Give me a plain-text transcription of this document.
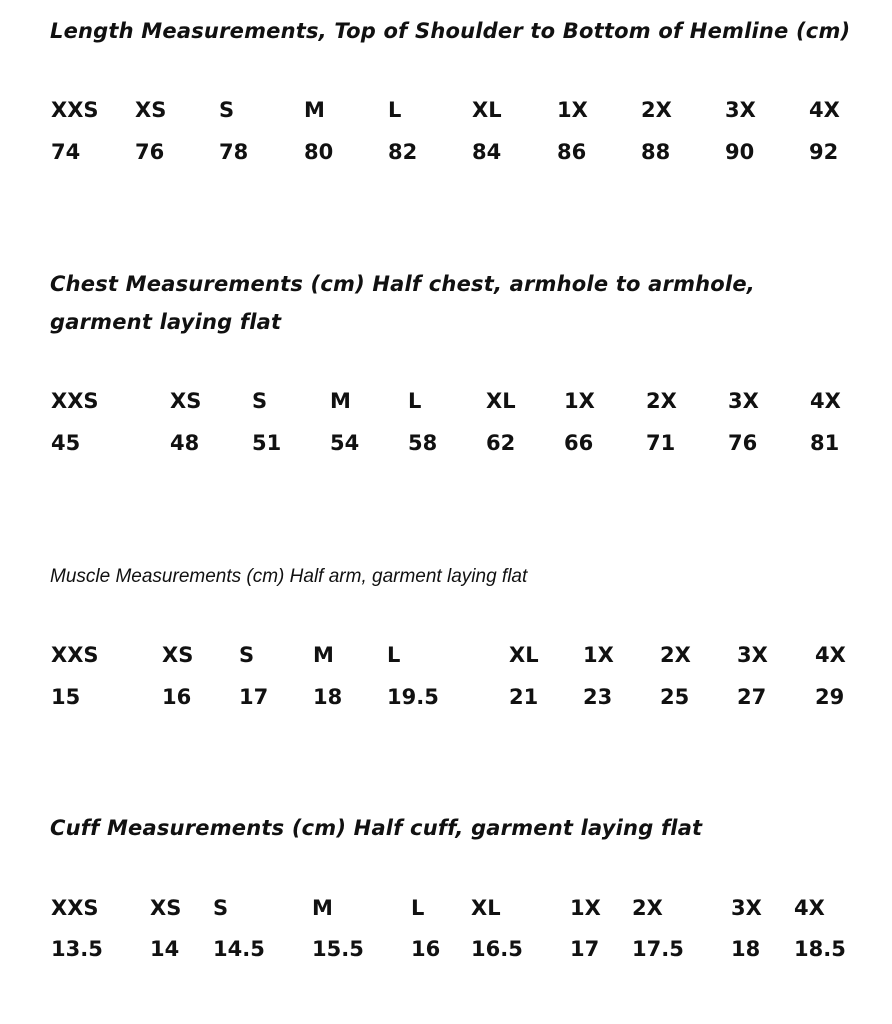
Length Measurements, Top of Shoulder to Bottom of Hemline (cm)
XXS XS	S	M	L	XL	1X	2X	3X	4X
74	76	78	80	82	84	86	88	90	92
Chest Measurements (cm) Half chest, armhole to armhole,
garment laying flat
XXS	XS S	M	L	XL 1X 2X 3X 4X
45	48	51 54 58 62 66	71	76	81
Muscle Measurements (cm) Half arm, garment laying flat
XXS	XS S	M	L	XL 1X 2X 3X 4X
15	16 17 18 19.5	21 23 25 27 29
Cuff Measurements (cm) Half cuff, garment laying flat
XXS XS S	M	L XL	1X 2X	3X 4X
13.5 14 14.5 15.5 16 16.5 17 17.5 18 18.5
